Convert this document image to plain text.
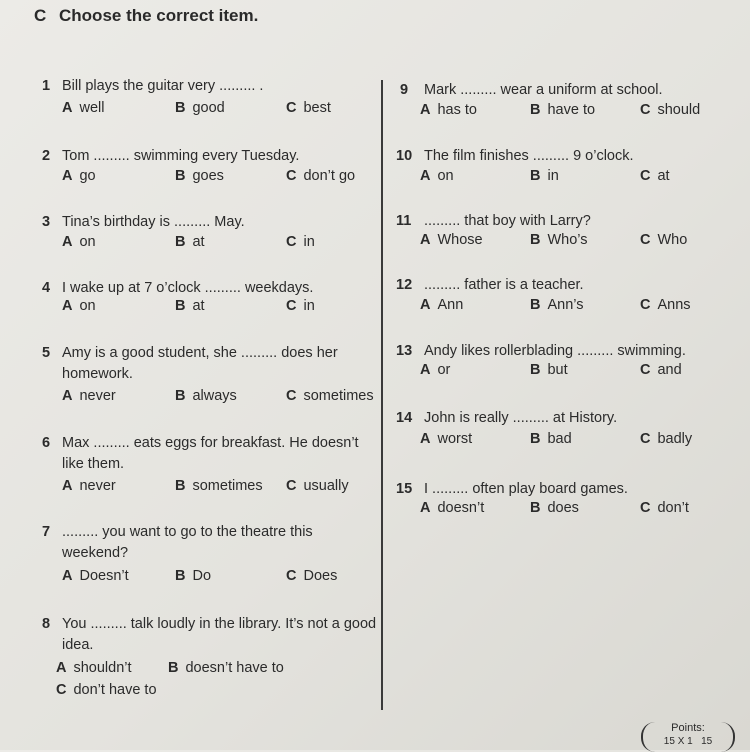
C Choose the correct item.
1 Bill plays the guitar very ......... .
A well	B good	C best
2 Tom ......... swimming every Tuesday.
A go	B goes	C don’t go
3 Tina’s birthday is ......... May.
A on	B at	C in
4 I wake up at 7 o’clock ......... weekdays.
A on	B at	C in
5 Amy is a good student, she ......... does her homework.
A never	B always	C sometimes
6 Max ......... eats eggs for breakfast. He doesn’t like them.
A never	B sometimes C usually
7 ......... you want to go to the theatre this weekend?
A Doesn’t	B Do	C Does
8 You ......... talk loudly in the library. It’s not a good idea.
A shouldn’t	B doesn’t have to
C don’t have to
9 Mark ......... wear a uniform at school.
A has to	B have to	C should
10 The film finishes ......... 9 o’clock.
A on	B in	C at
11 ......... that boy with Larry?
A Whose	B Who’s	C Who
12 ......... father is a teacher.
A Ann	B Ann’s	C Anns
13 Andy likes rollerblading ......... swimming.
A or	B but	C and
14 John is really ......... at History.
A worst	B bad	C badly
15 I ......... often play board games.
A doesn’t	B does	C don’t

Points:
15 X 1 15
